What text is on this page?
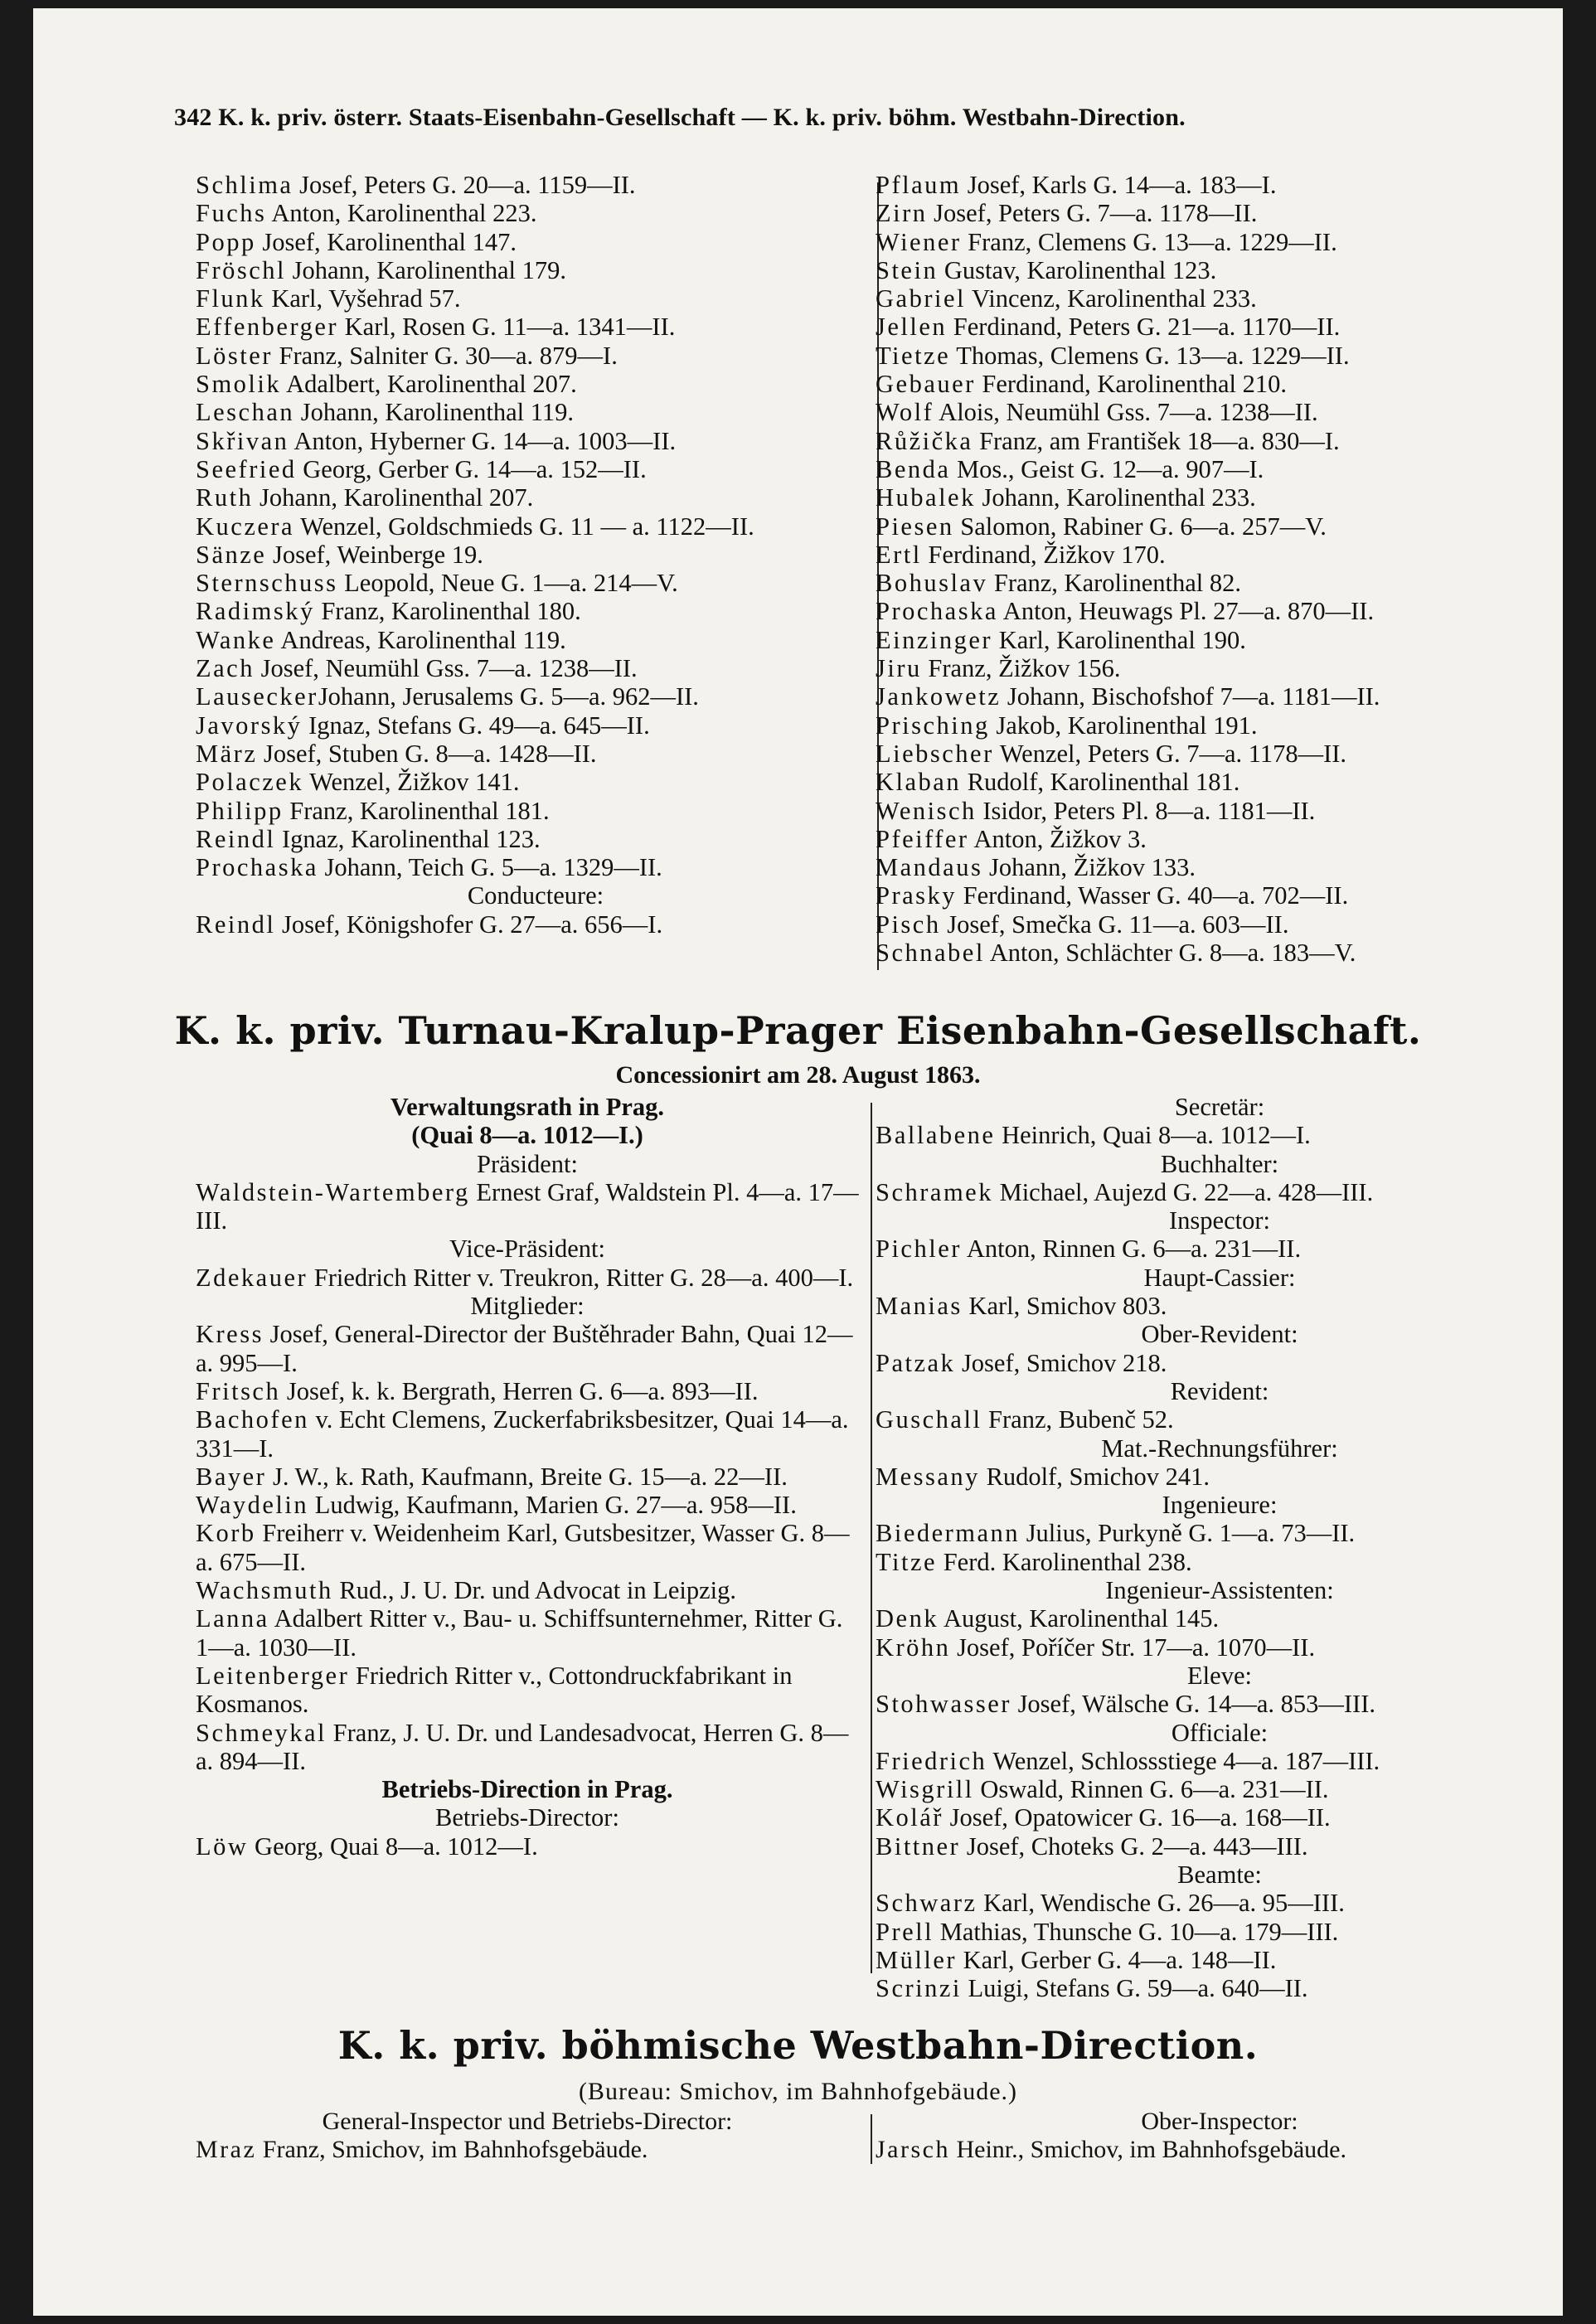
342 K. k. priv. österr. Staats-Eisenbahn-Gesellschaft — K. k. priv. böhm. Westbahn-Direction.
Schlima Josef, Peters G. 20—a. 1159—II.
Fuchs Anton, Karolinenthal 223.
Popp Josef, Karolinenthal 147.
Fröschl Johann, Karolinenthal 179.
Flunk Karl, Vyšehrad 57.
Effenberger Karl, Rosen G. 11—a. 1341—II.
Löster Franz, Salniter G. 30—a. 879—I.
Smolik Adalbert, Karolinenthal 207.
Leschan Johann, Karolinenthal 119.
Skřivan Anton, Hyberner G. 14—a. 1003—II.
Seefried Georg, Gerber G. 14—a. 152—II.
Ruth Johann, Karolinenthal 207.
Kuczera Wenzel, Goldschmieds G. 11 — a. 1122—II.
Sänze Josef, Weinberge 19.
Sternschuss Leopold, Neue G. 1—a. 214—V.
Radimský Franz, Karolinenthal 180.
Wanke Andreas, Karolinenthal 119.
Zach Josef, Neumühl Gss. 7—a. 1238—II.
LauseckerJohann, Jerusalems G. 5—a. 962—II.
Javorský Ignaz, Stefans G. 49—a. 645—II.
März Josef, Stuben G. 8—a. 1428—II.
Polaczek Wenzel, Žižkov 141.
Philipp Franz, Karolinenthal 181.
Reindl Ignaz, Karolinenthal 123.
Prochaska Johann, Teich G. 5—a. 1329—II.
Conducteure:
Reindl Josef, Königshofer G. 27—a. 656—I.
Pflaum Josef, Karls G. 14—a. 183—I.
Zirn Josef, Peters G. 7—a. 1178—II.
Wiener Franz, Clemens G. 13—a. 1229—II.
Stein Gustav, Karolinenthal 123.
Gabriel Vincenz, Karolinenthal 233.
Jellen Ferdinand, Peters G. 21—a. 1170—II.
Tietze Thomas, Clemens G. 13—a. 1229—II.
Gebauer Ferdinand, Karolinenthal 210.
Wolf Alois, Neumühl Gss. 7—a. 1238—II.
Růžička Franz, am František 18—a. 830—I.
Benda Mos., Geist G. 12—a. 907—I.
Hubalek Johann, Karolinenthal 233.
Piesen Salomon, Rabiner G. 6—a. 257—V.
Ertl Ferdinand, Žižkov 170.
Bohuslav Franz, Karolinenthal 82.
Prochaska Anton, Heuwags Pl. 27—a. 870—II.
Einzinger Karl, Karolinenthal 190.
Jiru Franz, Žižkov 156.
Jankowetz Johann, Bischofshof 7—a. 1181—II.
Prisching Jakob, Karolinenthal 191.
Liebscher Wenzel, Peters G. 7—a. 1178—II.
Klaban Rudolf, Karolinenthal 181.
Wenisch Isidor, Peters Pl. 8—a. 1181—II.
Pfeiffer Anton, Žižkov 3.
Mandaus Johann, Žižkov 133.
Prasky Ferdinand, Wasser G. 40—a. 702—II.
Pisch Josef, Smečka G. 11—a. 603—II.
Schnabel Anton, Schlächter G. 8—a. 183—V.
K. k. priv. Turnau-Kralup-Prager Eisenbahn-Gesellschaft.
Concessionirt am 28. August 1863.
Verwaltungsrath in Prag.
(Quai 8—a. 1012—I.)
Präsident:
Waldstein-Wartemberg Ernest Graf, Waldstein Pl. 4—a. 17—III.
Vice-Präsident:
Zdekauer Friedrich Ritter v. Treukron, Ritter G. 28—a. 400—I.
Mitglieder:
Kress Josef, General-Director der Buštěhrader Bahn, Quai 12—a. 995—I.
Fritsch Josef, k. k. Bergrath, Herren G. 6—a. 893—II.
Bachofen v. Echt Clemens, Zuckerfabriksbesitzer, Quai 14—a. 331—I.
Bayer J. W., k. Rath, Kaufmann, Breite G. 15—a. 22—II.
Waydelin Ludwig, Kaufmann, Marien G. 27—a. 958—II.
Korb Freiherr v. Weidenheim Karl, Gutsbesitzer, Wasser G. 8—a. 675—II.
Wachsmuth Rud., J. U. Dr. und Advocat in Leipzig.
Lanna Adalbert Ritter v., Bau- u. Schiffsunternehmer, Ritter G. 1—a. 1030—II.
Leitenberger Friedrich Ritter v., Cottondruckfabrikant in Kosmanos.
Schmeykal Franz, J. U. Dr. und Landesadvocat, Herren G. 8—a. 894—II.
Betriebs-Direction in Prag.
Betriebs-Director:
Löw Georg, Quai 8—a. 1012—I.
Secretär:
Ballabene Heinrich, Quai 8—a. 1012—I.
Buchhalter:
Schramek Michael, Aujezd G. 22—a. 428—III.
Inspector:
Pichler Anton, Rinnen G. 6—a. 231—II.
Haupt-Cassier:
Manias Karl, Smichov 803.
Ober-Revident:
Patzak Josef, Smichov 218.
Revident:
Guschall Franz, Bubenč 52.
Mat.-Rechnungsführer:
Messany Rudolf, Smichov 241.
Ingenieure:
Biedermann Julius, Purkyně G. 1—a. 73—II.
Titze Ferd. Karolinenthal 238.
Ingenieur-Assistenten:
Denk August, Karolinenthal 145.
Kröhn Josef, Poříčer Str. 17—a. 1070—II.
Eleve:
Stohwasser Josef, Wälsche G. 14—a. 853—III.
Officiale:
Friedrich Wenzel, Schlossstiege 4—a. 187—III.
Wisgrill Oswald, Rinnen G. 6—a. 231—II.
Kolář Josef, Opatowicer G. 16—a. 168—II.
Bittner Josef, Choteks G. 2—a. 443—III.
Beamte:
Schwarz Karl, Wendische G. 26—a. 95—III.
Prell Mathias, Thunsche G. 10—a. 179—III.
Müller Karl, Gerber G. 4—a. 148—II.
Scrinzi Luigi, Stefans G. 59—a. 640—II.
K. k. priv. böhmische Westbahn-Direction.
(Bureau: Smichov, im Bahnhofgebäude.)
General-Inspector und Betriebs-Director:
Mraz Franz, Smichov, im Bahnhofsgebäude.
Ober-Inspector:
Jarsch Heinr., Smichov, im Bahnhofsgebäude.
